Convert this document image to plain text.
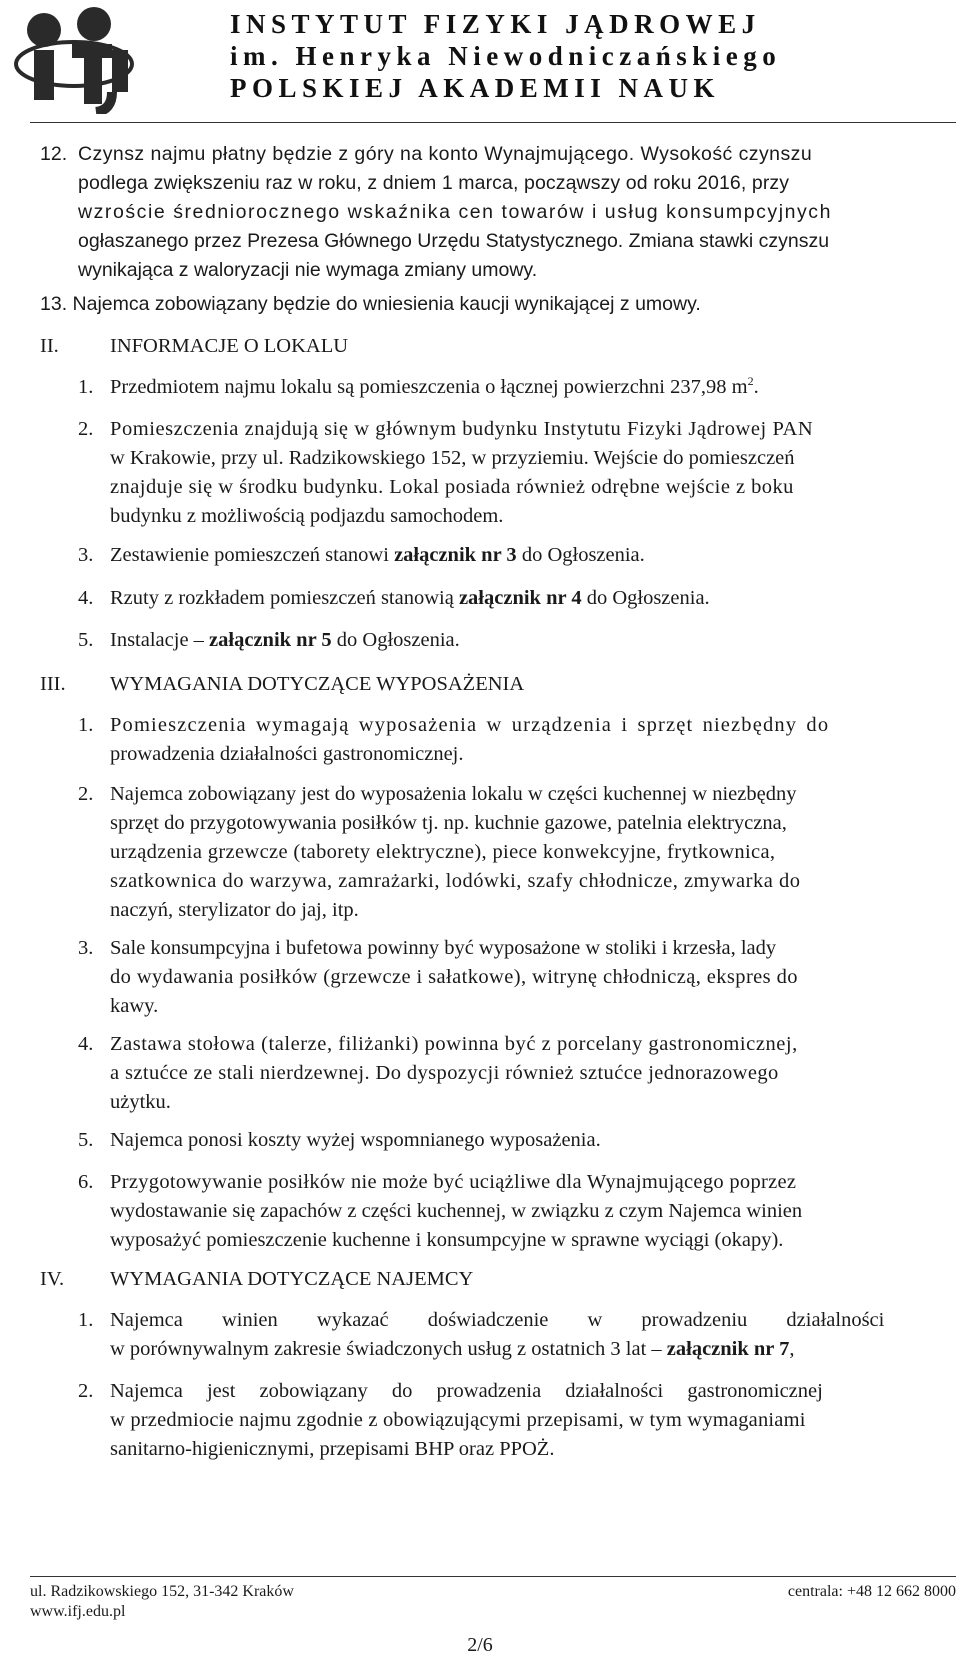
INSTYTUT FIZYKI JĄDROWEJ
im. Henryka Niewodniczańskiego
POLSKIEJ AKADEMII NAUK
12. Czynsz najmu płatny będzie z góry na konto Wynajmującego. Wysokość czynszu
podlega zwiększeniu raz w roku, z dniem 1 marca, począwszy od roku 2016, przy
wzroście średniorocznego wskaźnika cen towarów i usług konsumpcyjnych
ogłaszanego przez Prezesa Głównego Urzędu Statystycznego. Zmiana stawki czynszu
wynikająca z waloryzacji nie wymaga zmiany umowy.
13. Najemca zobowiązany będzie do wniesienia kaucji wynikającej z umowy.
II. INFORMACJE O LOKALU
1. Przedmiotem najmu lokalu są pomieszczenia o łącznej powierzchni 237,98 $m^2$.
2. Pomieszczenia znajdują się w głównym budynku Instytutu Fizyki Jądrowej PAN
w Krakowie, przy ul. Radzikowskiego 152, w przyziemiu. Wejście do pomieszczeń
znajduje się w środku budynku. Lokal posiada również odrębne wejście z boku
budynku z możliwością podjazdu samochodem.
3. Zestawienie pomieszczeń stanowi załącznik nr 3 do Ogłoszenia.
4. Rzuty z rozkładem pomieszczeń stanowią załącznik nr 4 do Ogłoszenia.
5. Instalacje – załącznik nr 5 do Ogłoszenia.
III. WYMAGANIA DOTYCZĄCE WYPOSAŻENIA
1. Pomieszczenia wymagają wyposażenia w urządzenia i sprzęt niezbędny do
prowadzenia działalności gastronomicznej.
2. Najemca zobowiązany jest do wyposażenia lokalu w części kuchennej w niezbędny
sprzęt do przygotowywania posiłków tj. np. kuchnie gazowe, patelnia elektryczna,
urządzenia grzewcze (taborety elektryczne), piece konwekcyjne, frytkownica,
szatkownica do warzywa, zamrażarki, lodówki, szafy chłodnicze, zmywarka do
naczyń, sterylizator do jaj, itp.
3. Sale konsumpcyjna i bufetowa powinny być wyposażone w stoliki i krzesła, lady
do wydawania posiłków (grzewcze i sałatkowe), witrynę chłodniczą, ekspres do
kawy.
4. Zastawa stołowa (talerze, filiżanki) powinna być z porcelany gastronomicznej,
a sztućce ze stali nierdzewnej. Do dyspozycji również sztućce jednorazowego
użytku.
5. Najemca ponosi koszty wyżej wspomnianego wyposażenia.
6. Przygotowywanie posiłków nie może być uciążliwe dla Wynajmującego poprzez
wydostawanie się zapachów z części kuchennej, w związku z czym Najemca winien
wyposażyć pomieszczenie kuchenne i konsumpcyjne w sprawne wyciągi (okapy).
IV. WYMAGANIA DOTYCZĄCE NAJEMCY
1. Najemca winien wykazać doświadczenie w prowadzeniu działalności
w porównywalnym zakresie świadczonych usług z ostatnich 3 lat – załącznik nr 7,
2. Najemca jest zobowiązany do prowadzenia działalności gastronomicznej
w przedmiocie najmu zgodnie z obowiązującymi przepisami, w tym wymaganiami
sanitarno-higienicznymi, przepisami BHP oraz PPOŻ.
ul. Radzikowskiego 152, 31-342 Kraków
www.ifj.edu.pl
centrala: +48 12 662 8000
2/6
